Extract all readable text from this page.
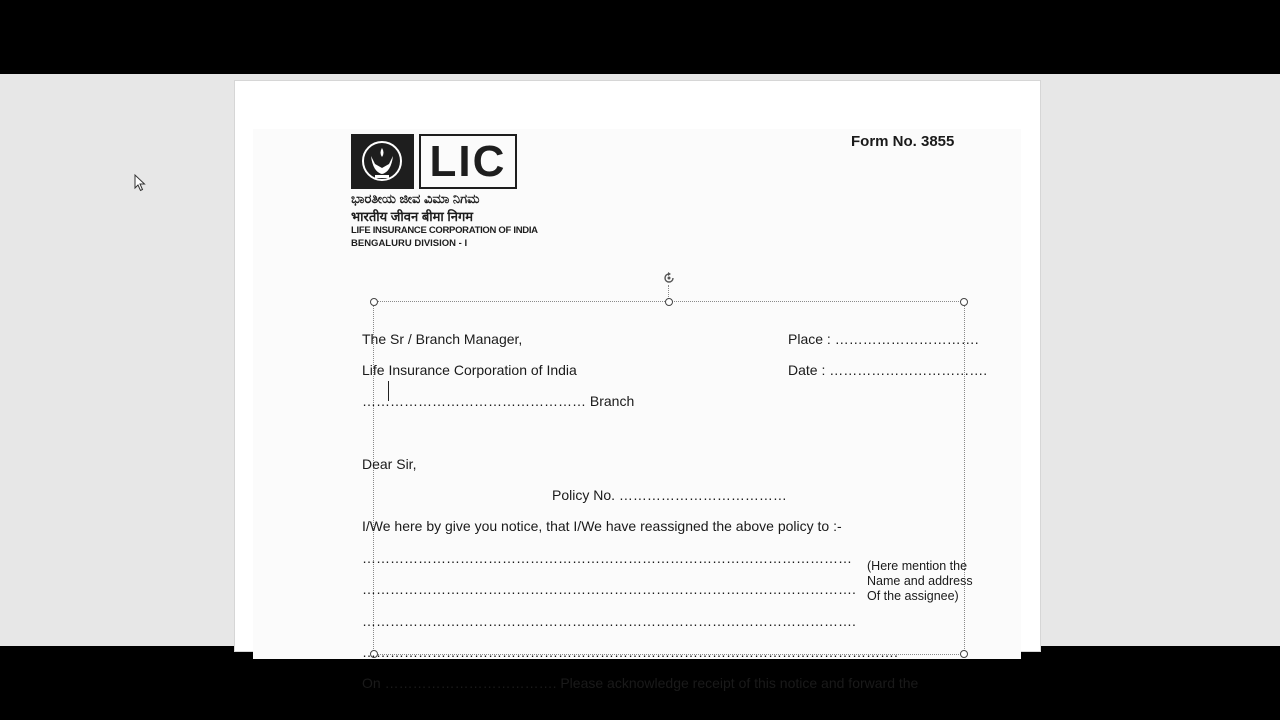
Form No. 3855
LIC
ಭಾರತೀಯ ಜೀವ ವಿಮಾ ನಿಗಮ
भारतीय जीवन बीमा निगम
LIFE INSURANCE CORPORATION OF INDIA
BENGALURU DIVISION - I
The Sr / Branch Manager,	Place : ………………………….
Life Insurance Corporation of India	Date : …………………………….
………………………………………… Branch
Dear Sir,
Policy No. ………………………………
I/We here by give you notice, that I/We have reassigned the above policy to :-
……………………………………………………………………………………………
…………………………………………………………………………………………….
…………………………………………………………………………………………….
…………………………………………………………………………………………………….
(Here mention the
Name and address
Of the assignee)
On ………………………………. Please acknowledge receipt of this notice and forward the
